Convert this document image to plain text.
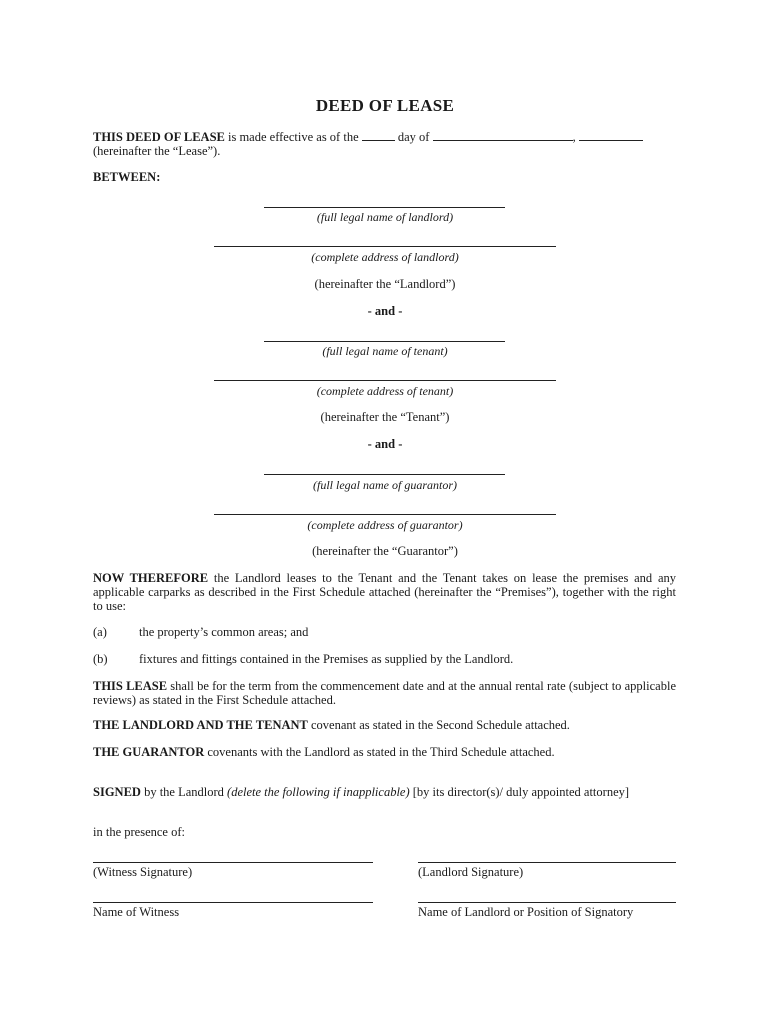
DEED OF LEASE
THIS DEED OF LEASE is made effective as of the	day of	,
(hereinafter the “Lease”).
BETWEEN:
(full legal name of landlord)
(complete address of landlord)
(hereinafter the “Landlord”)
- and -
(full legal name of tenant)
(complete address of tenant)
(hereinafter the “Tenant”)
- and -
(full legal name of guarantor)
(complete address of guarantor)
(hereinafter the “Guarantor”)
NOW THEREFORE the Landlord leases to the Tenant and the Tenant takes on lease the premises and any applicable carparks as described in the First Schedule attached (hereinafter the “Premises”), together with the right to use:
(a)	the property’s common areas; and
(b)	fixtures and fittings contained in the Premises as supplied by the Landlord.
THIS LEASE shall be for the term from the commencement date and at the annual rental rate (subject to applicable reviews) as stated in the First Schedule attached.
THE LANDLORD AND THE TENANT covenant as stated in the Second Schedule attached.
THE GUARANTOR covenants with the Landlord as stated in the Third Schedule attached.
SIGNED by the Landlord (delete the following if inapplicable) [by its director(s)/ duly appointed attorney]
in the presence of:
(Witness Signature)	(Landlord Signature)
Name of Witness	Name of Landlord or Position of Signatory
